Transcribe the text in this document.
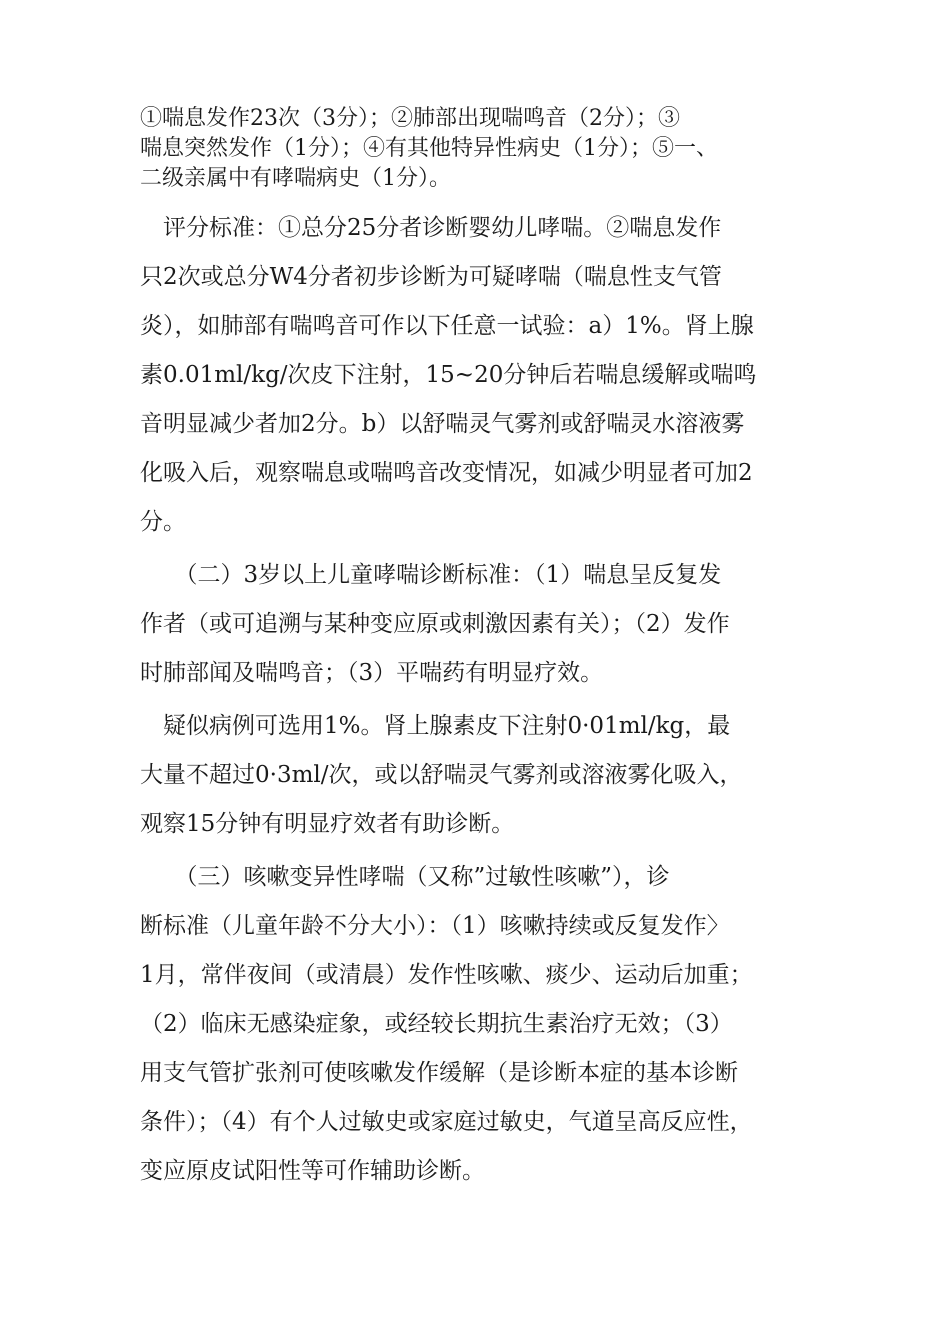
①喘息发作23次（3分）；②肺部出现喘鸣音（2分）；③

喘息突然发作（1分）；④有其他特异性病史（1分）；⑤一、

二级亲属中有哮喘病史（1分）。

　评分标准：①总分25分者诊断婴幼儿哮喘。②喘息发作
只2次或总分W4分者初步诊断为可疑哮喘（喘息性支气管
炎），如肺部有喘鸣音可作以下任意一试验：a）1%。肾上腺
素0.01ml/kg/次皮下注射，15~20分钟后若喘息缓解或喘鸣
音明显减少者加2分。b）以舒喘灵气雾剂或舒喘灵水溶液雾
化吸入后，观察喘息或喘鸣音改变情况，如减少明显者可加2
分。
　　（二）3岁以上儿童哮喘诊断标准：（1）喘息呈反复发
作者（或可追溯与某种变应原或刺激因素有关）；（2）发作
时肺部闻及喘鸣音；（3）平喘药有明显疗效。
　疑似病例可选用1%。肾上腺素皮下注射0·01ml/kg，最
大量不超过0·3ml/次，或以舒喘灵气雾剂或溶液雾化吸入，
观察15分钟有明显疗效者有助诊断。
　　（三）咳嗽变异性哮喘（又称”过敏性咳嗽”），诊
断标准（儿童年龄不分大小）：（1）咳嗽持续或反复发作〉
1月，常伴夜间（或清晨）发作性咳嗽、痰少、运动后加重；
（2）临床无感染症象，或经较长期抗生素治疗无效；（3）
用支气管扩张剂可使咳嗽发作缓解（是诊断本症的基本诊断
条件）；（4）有个人过敏史或家庭过敏史，气道呈高反应性，
变应原皮试阳性等可作辅助诊断。
